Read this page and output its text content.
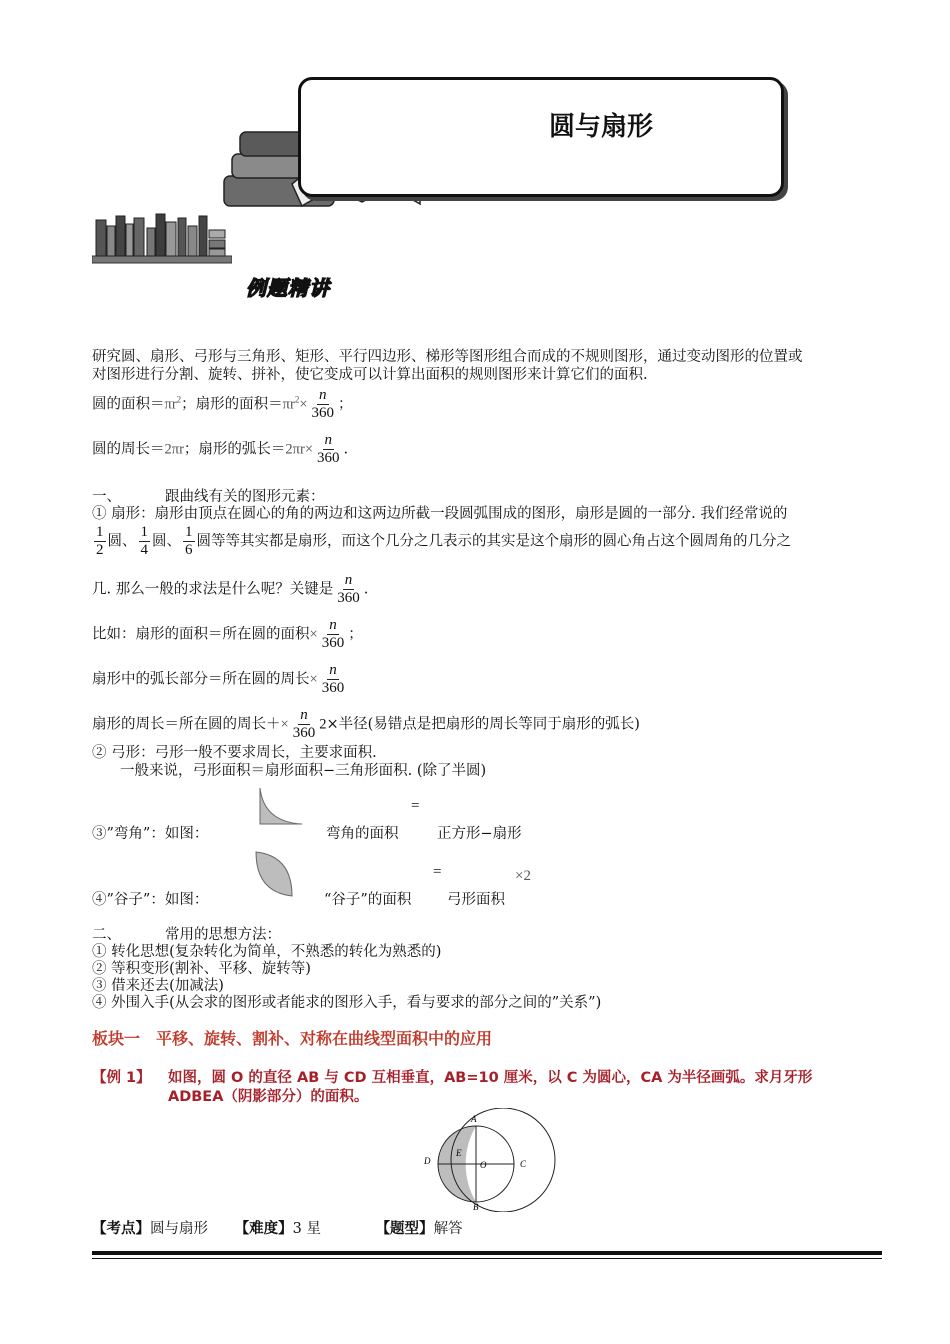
圆与扇形
例题精讲
研究圆、扇形、弓形与三角形、矩形、平行四边形、梯形等图形组合而成的不规则图形，通过变动图形的位置或
对图形进行分割、旋转、拼补，使它变成可以计算出面积的规则图形来计算它们的面积.
圆的面积$=\pi r^2$；扇形的面积$=\pi r^2\times \frac{n}{360}$ ；
圆的周长＝2πr；扇形的弧长$=2\pi r\times \frac{n}{360}$ .
一、	跟曲线有关的图形元素：
① 扇形：扇形由顶点在圆心的角的两边和这两边所截一段圆弧围成的图形，扇形是圆的一部分. 我们经常说的
$\frac{1}{2}$ 圆、 $\frac{1}{4}$ 圆、 $\frac{1}{6}$ 圆等等其实都是扇形，而这个几分之几表示的其实是这个扇形的圆心角占这个圆周角的几分之
几. 那么一般的求法是什么呢？关键是 $\frac{n}{360}$ .
比如：扇形的面积＝所在圆的面积× $\frac{n}{360}$ ；
扇形中的弧长部分＝所在圆的周长× $\frac{n}{360}$
扇形的周长＝所在圆的周长＋× $\frac{n}{360} 2\times$半径(易错点是把扇形的周长等同于扇形的弧长)
② 弓形：弓形一般不要求周长，主要求面积.
一般来说，弓形面积＝扇形面积−三角形面积. (除了半圆)
=
③”弯角”：如图：	弯角的面积	正方形−扇形
=	×2
④”谷子”：如图：	“谷子”的面积 弓形面积
二、	常用的思想方法：
① 转化思想(复杂转化为简单，不熟悉的转化为熟悉的)
② 等积变形(割补、平移、旋转等)
③ 借来还去(加减法)
④ 外围入手(从会求的图形或者能求的图形入手，看与要求的部分之间的”关系”)
板块一　平移、旋转、割补、对称在曲线型面积中的应用
【例 1】 如图，圆 O 的直径 AB 与 CD 互相垂直，AB=10 厘米，以 C 为圆心，CA 为半径画弧。求月牙形
ADBEA（阴影部分）的面积。
A
B
C
D
E
O
【考点】圆与扇形 【难度】3 星	【题型】解答
